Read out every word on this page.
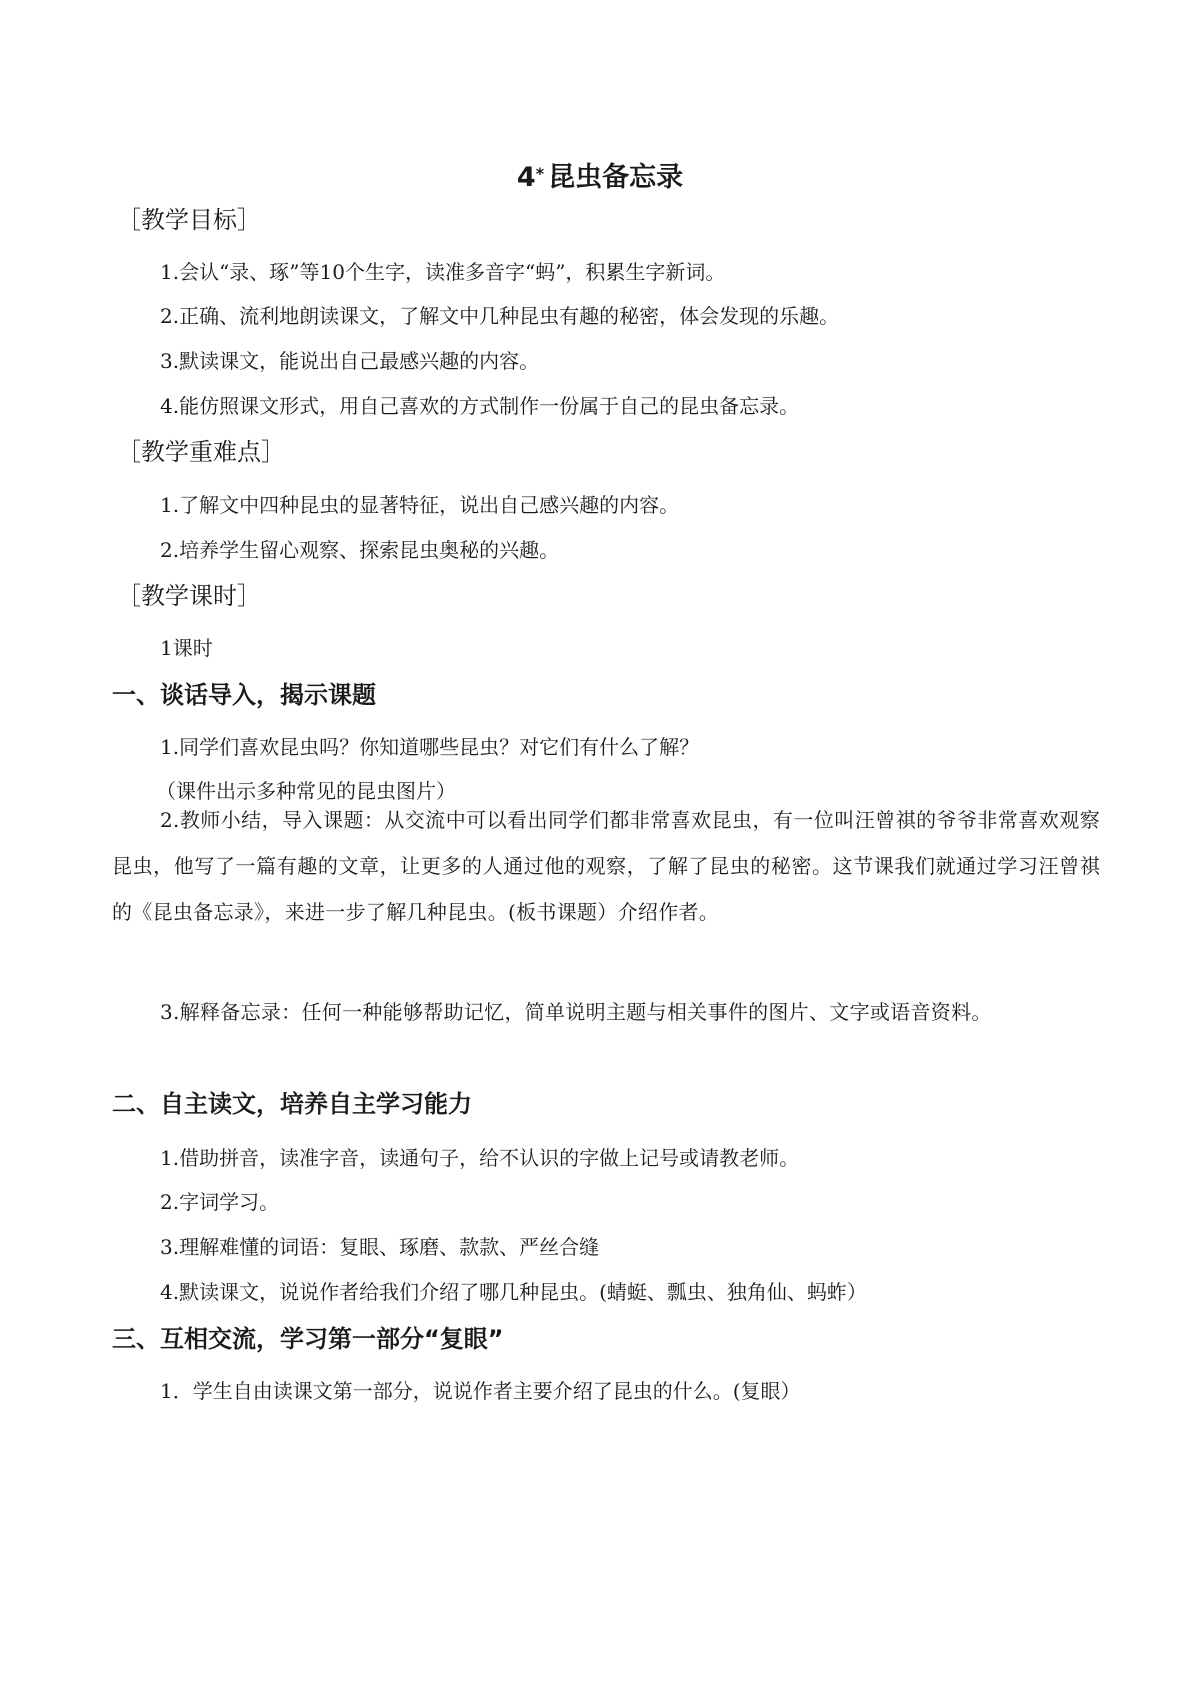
4* 昆虫备忘录
［教学目标］
1.会认“录、琢”等10个生字，读准多音字“蚂”，积累生字新词。
2.正确、流利地朗读课文，了解文中几种昆虫有趣的秘密，体会发现的乐趣。
3.默读课文，能说出自己最感兴趣的内容。
4.能仿照课文形式，用自己喜欢的方式制作一份属于自己的昆虫备忘录。
［教学重难点］
1.了解文中四种昆虫的显著特征，说出自己感兴趣的内容。
2.培养学生留心观察、探索昆虫奥秘的兴趣。
［教学课时］
1课时
一、谈话导入，揭示课题
1.同学们喜欢昆虫吗？你知道哪些昆虫？对它们有什么了解？
（课件出示多种常见的昆虫图片）

2.教师小结，导入课题：从交流中可以看出同学们都非常喜欢昆虫，有一位叫汪曾祺的爷爷非常喜欢观察昆虫，他写了一篇有趣的文章，让更多的人通过他的观察，了解了昆虫的秘密。这节课我们就通过学习汪曾祺的《昆虫备忘录》，来进一步了解几种昆虫。(板书课题）介绍作者。

3.解释备忘录：任何一种能够帮助记忆，简单说明主题与相关事件的图片、文字或语音资料。

二、自主读文，培养自主学习能力
1.借助拼音，读准字音，读通句子，给不认识的字做上记号或请教老师。
2.字词学习。
3.理解难懂的词语：复眼、琢磨、款款、严丝合缝
4.默读课文，说说作者给我们介绍了哪几种昆虫。(蜻蜓、瓢虫、独角仙、蚂蚱）
三、互相交流，学习第一部分“复眼”
1．学生自由读课文第一部分，说说作者主要介绍了昆虫的什么。(复眼）
